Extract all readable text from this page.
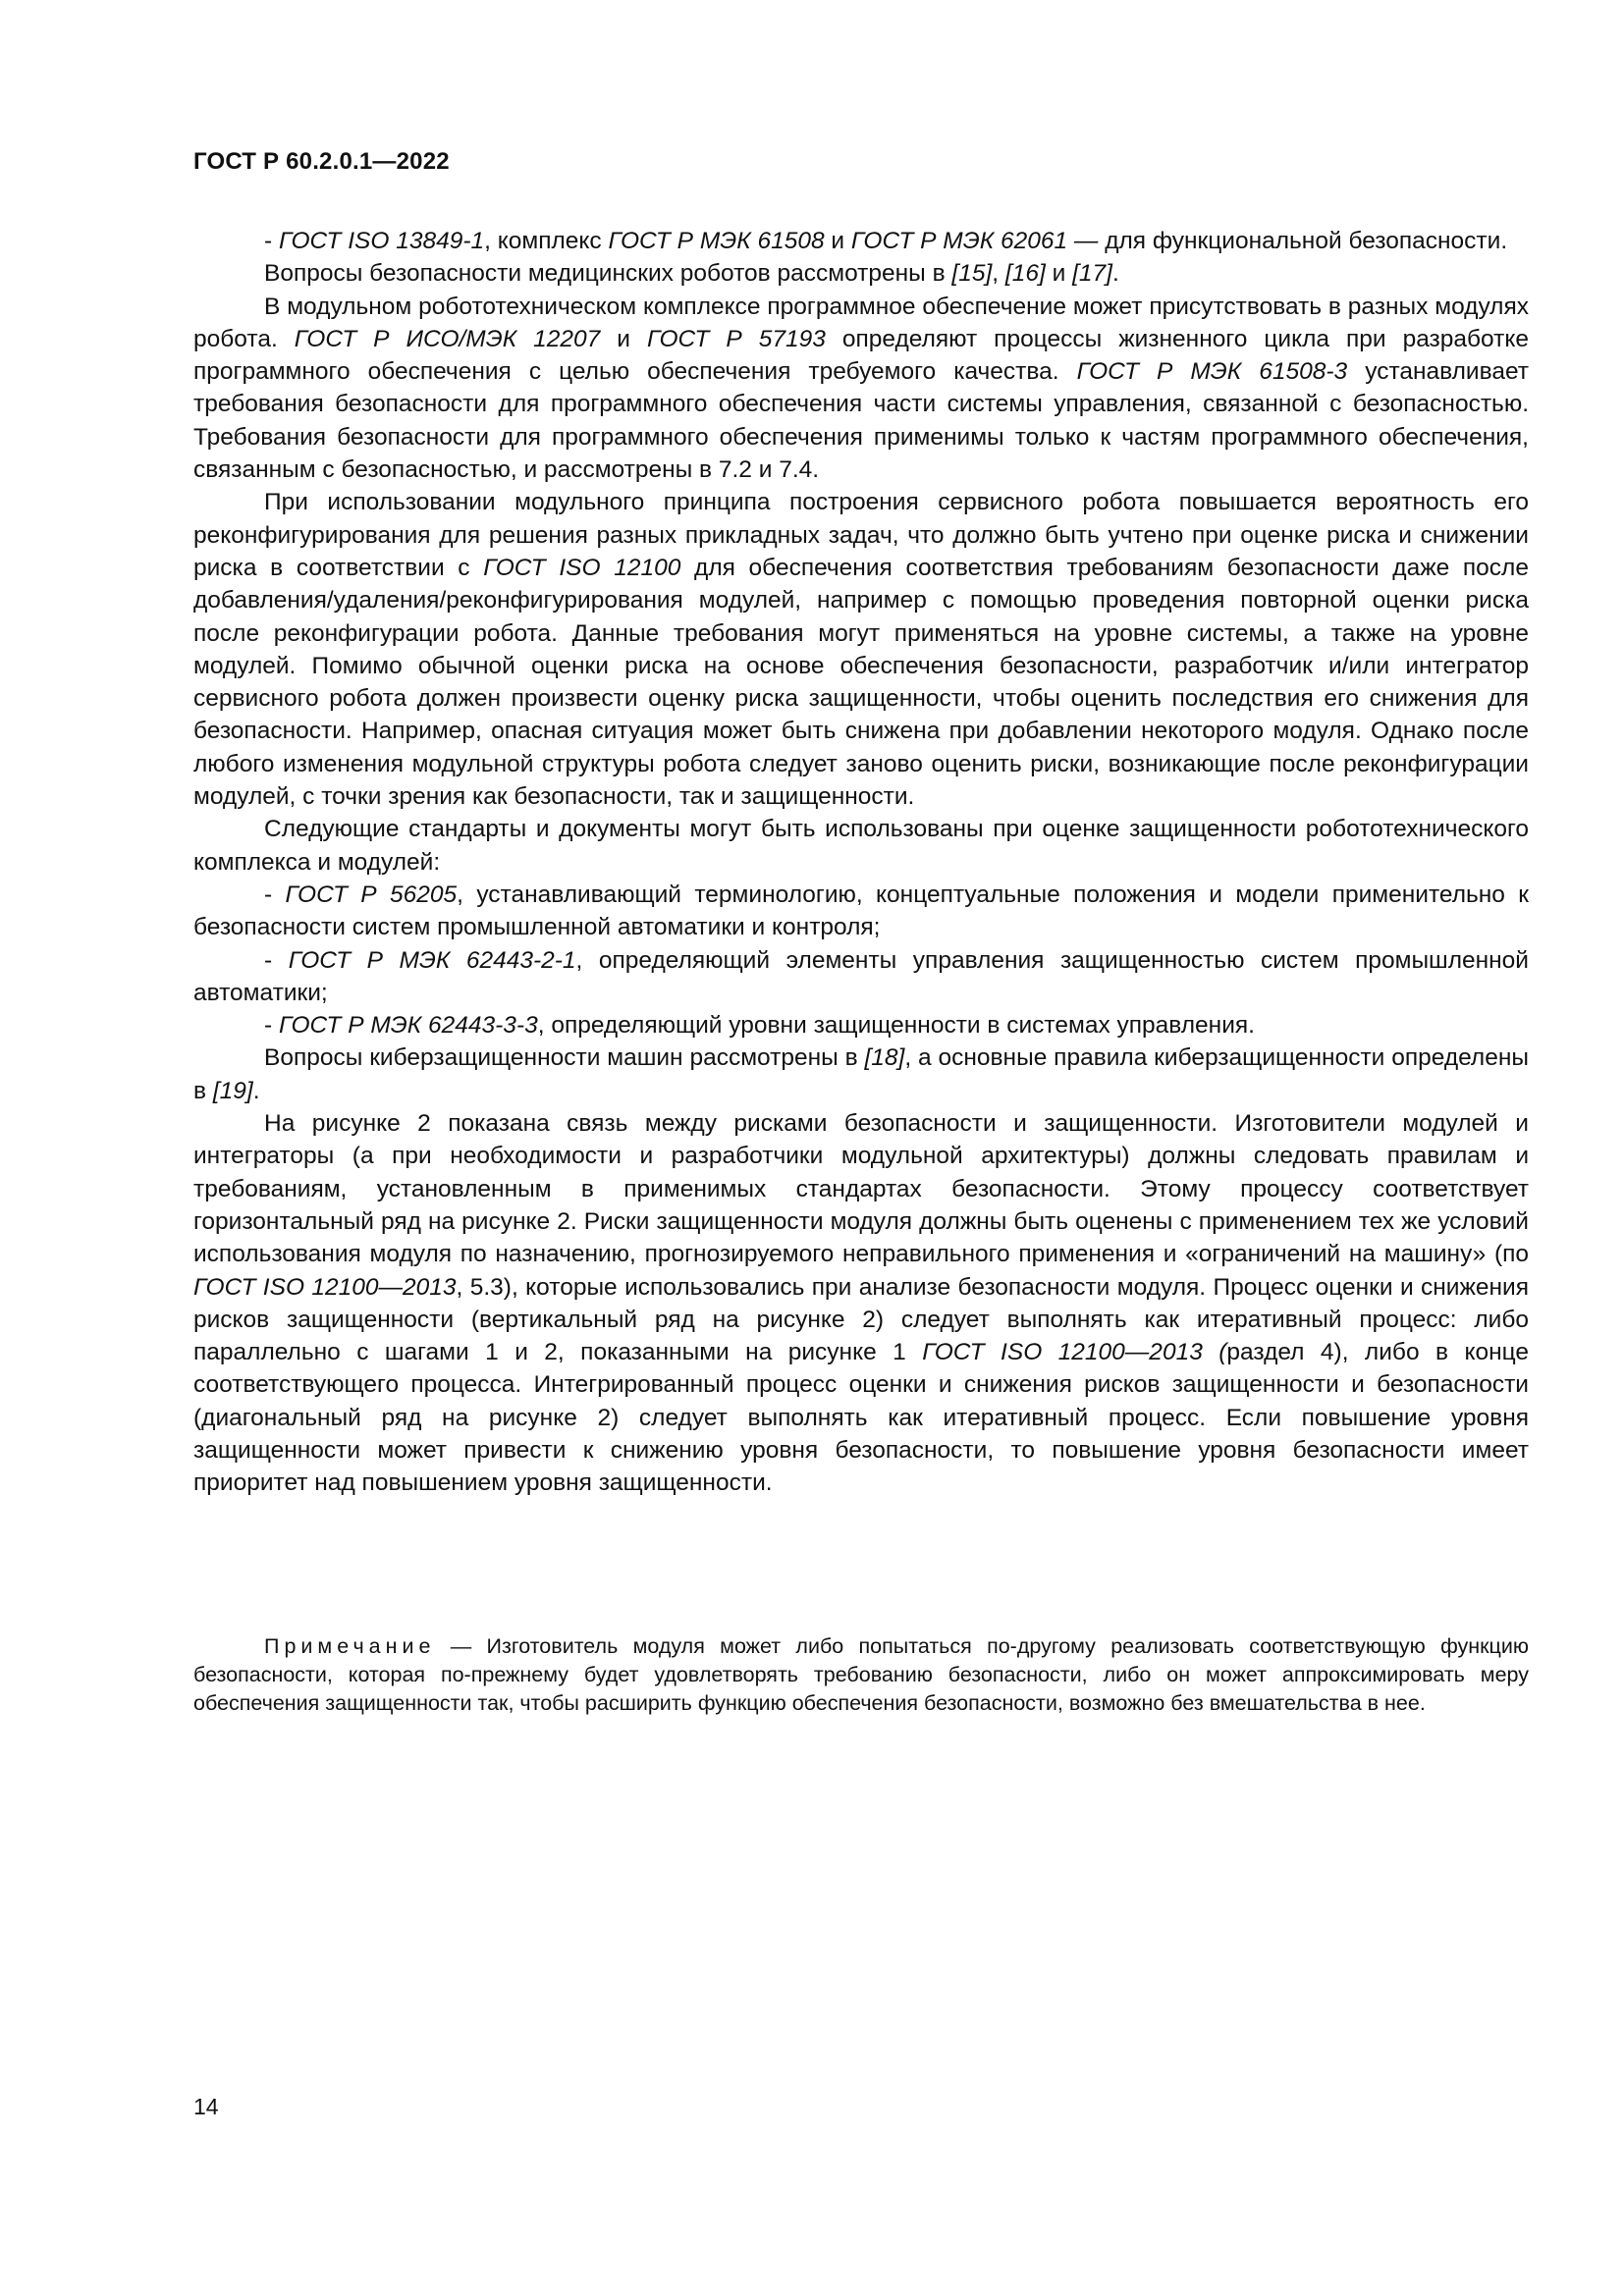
ГОСТ Р 60.2.0.1—2022

- ГОСТ ISO 13849-1, комплекс ГОСТ Р МЭК 61508 и ГОСТ Р МЭК 62061 — для функциональной безопасности.

Вопросы безопасности медицинских роботов рассмотрены в [15], [16] и [17].

В модульном робототехническом комплексе программное обеспечение может присутствовать в разных модулях робота. ГОСТ Р ИСО/МЭК 12207 и ГОСТ Р 57193 определяют процессы жизненного цикла при разработке программного обеспечения с целью обеспечения требуемого качества. ГОСТ Р МЭК 61508-3 устанавливает требования безопасности для программного обеспечения части системы управления, связанной с безопасностью. Требования безопасности для программного обеспечения применимы только к частям программного обеспечения, связанным с безопасностью, и рассмотрены в 7.2 и 7.4.

При использовании модульного принципа построения сервисного робота повышается вероятность его реконфигурирования для решения разных прикладных задач, что должно быть учтено при оценке риска и снижении риска в соответствии с ГОСТ ISO 12100 для обеспечения соответствия требованиям безопасности даже после добавления/удаления/реконфигурирования модулей, например с помощью проведения повторной оценки риска после реконфигурации робота. Данные требования могут применяться на уровне системы, а также на уровне модулей. Помимо обычной оценки риска на основе обеспечения безопасности, разработчик и/или интегратор сервисного робота должен произвести оценку риска защищенности, чтобы оценить последствия его снижения для безопасности. Например, опасная ситуация может быть снижена при добавлении некоторого модуля. Однако после любого изменения модульной структуры робота следует заново оценить риски, возникающие после реконфигурации модулей, с точки зрения как безопасности, так и защищенности.

Следующие стандарты и документы могут быть использованы при оценке защищенности робототехнического комплекса и модулей:

- ГОСТ Р 56205, устанавливающий терминологию, концептуальные положения и модели применительно к безопасности систем промышленной автоматики и контроля;

- ГОСТ Р МЭК 62443-2-1, определяющий элементы управления защищенностью систем промышленной автоматики;

- ГОСТ Р МЭК 62443-3-3, определяющий уровни защищенности в системах управления.

Вопросы киберзащищенности машин рассмотрены в [18], а основные правила киберзащищенности определены в [19].

На рисунке 2 показана связь между рисками безопасности и защищенности. Изготовители модулей и интеграторы (а при необходимости и разработчики модульной архитектуры) должны следовать правилам и требованиям, установленным в применимых стандартах безопасности. Этому процессу соответствует горизонтальный ряд на рисунке 2. Риски защищенности модуля должны быть оценены с применением тех же условий использования модуля по назначению, прогнозируемого неправильного применения и «ограничений на машину» (по ГОСТ ISO 12100—2013, 5.3), которые использовались при анализе безопасности модуля. Процесс оценки и снижения рисков защищенности (вертикальный ряд на рисунке 2) следует выполнять как итеративный процесс: либо параллельно с шагами 1 и 2, показанными на рисунке 1 ГОСТ ISO 12100—2013 (раздел 4), либо в конце соответствующего процесса. Интегрированный процесс оценки и снижения рисков защищенности и безопасности (диагональный ряд на рисунке 2) следует выполнять как итеративный процесс. Если повышение уровня защищенности может привести к снижению уровня безопасности, то повышение уровня безопасности имеет приоритет над повышением уровня защищенности.

Примечание — Изготовитель модуля может либо попытаться по-другому реализовать соответствующую функцию безопасности, которая по-прежнему будет удовлетворять требованию безопасности, либо он может аппроксимировать меру обеспечения защищенности так, чтобы расширить функцию обеспечения безопасности, возможно без вмешательства в нее.

14
